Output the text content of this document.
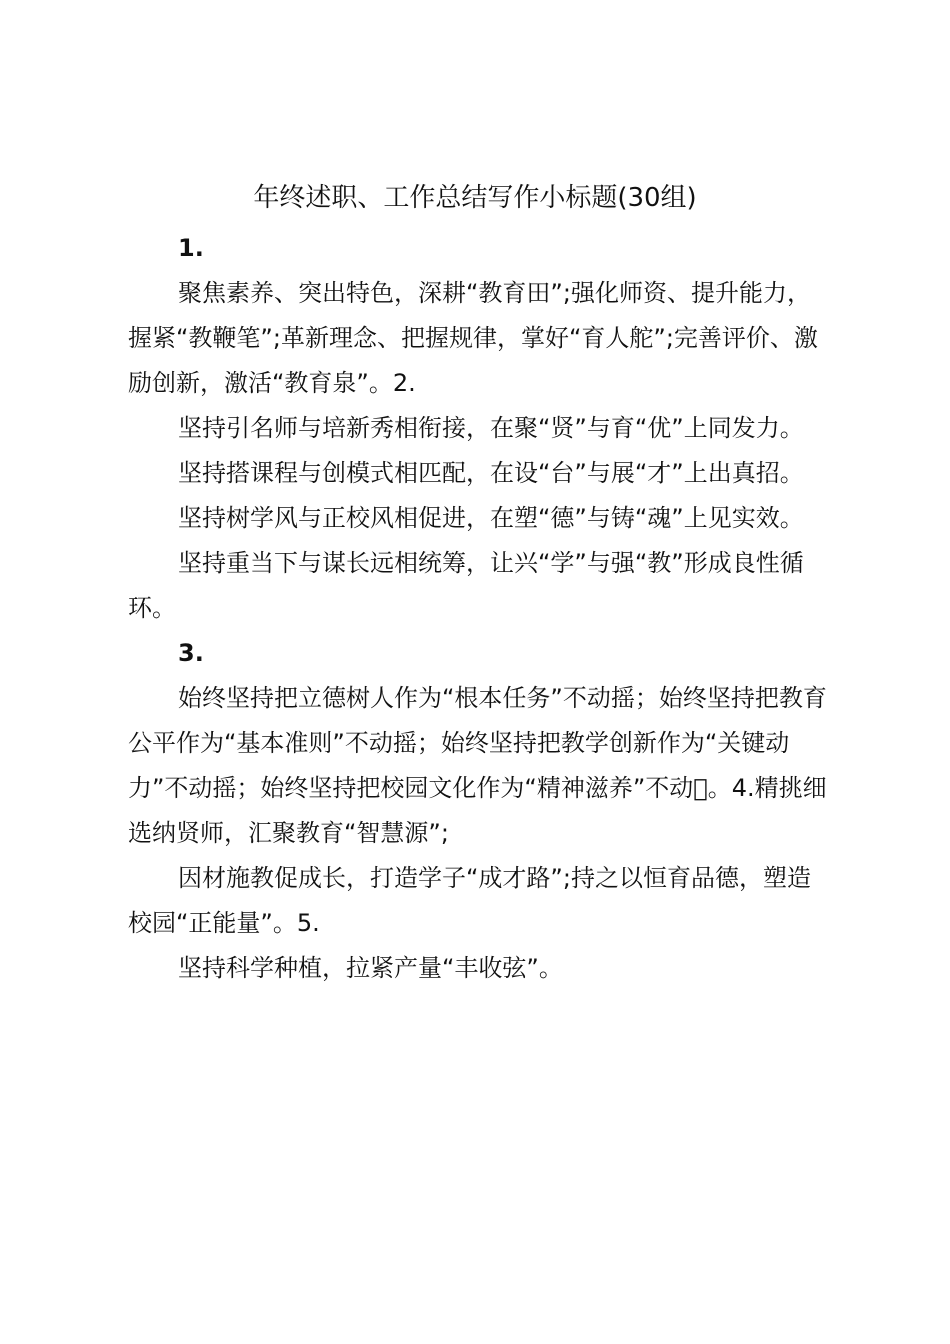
年终述职、工作总结写作小标题(30组)

1.

聚焦素养、突出特色，深耕“教育田”;强化师资、提升能力，握紧“教鞭笔”;革新理念、把握规律，掌好“育人舵”;完善评价、激励创新，激活“教育泉”。2.

坚持引名师与培新秀相衔接，在聚“贤”与育“优”上同发力。

坚持搭课程与创模式相匹配，在设“台”与展“才”上出真招。

坚持树学风与正校风相促进，在塑“德”与铸“魂”上见实效。

坚持重当下与谋长远相统筹，让兴“学”与强“教”形成良性循环。

3.

始终坚持把立德树人作为“根本任务”不动摇；始终坚持把教育公平作为“基本准则”不动摇；始终坚持把教学创新作为“关键动力”不动摇；始终坚持把校园文化作为“精神滋养”不动 。4.精挑细选纳贤师，汇聚教育“智慧源”;

因材施教促成长，打造学子“成才路”;持之以恒育品德，塑造校园“正能量”。5.

坚持科学种植，拉紧产量“丰收弦”。
